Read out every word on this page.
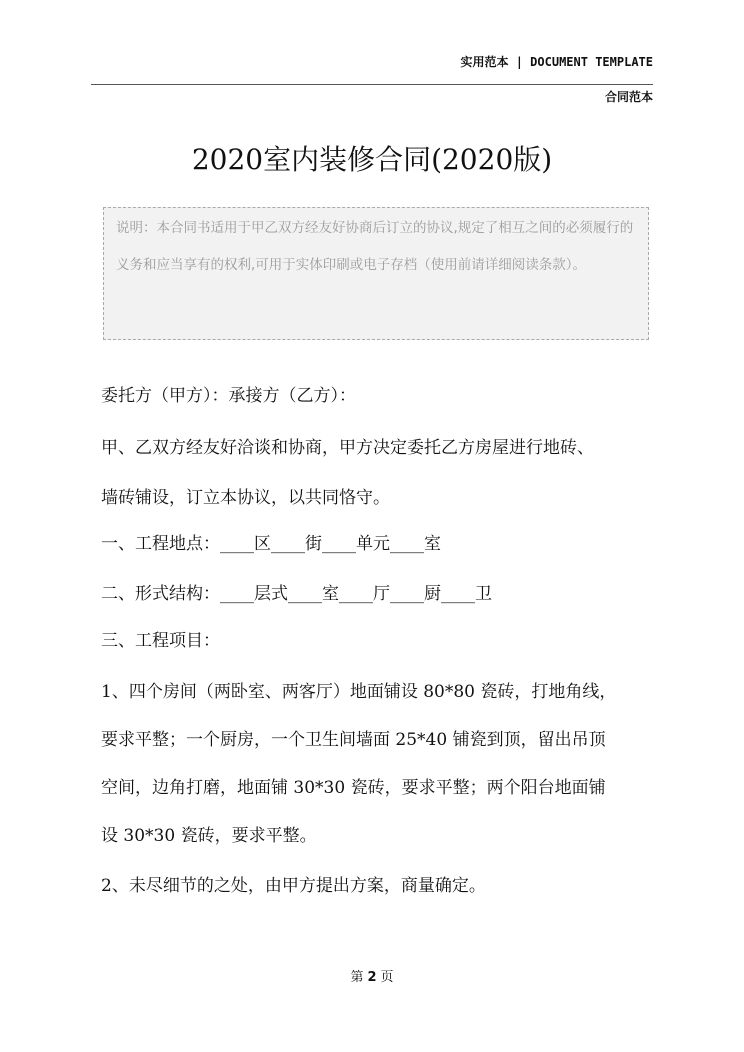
实用范本 | DOCUMENT TEMPLATE
合同范本
2020室内装修合同(2020版)

说明：本合同书适用于甲乙双方经友好协商后订立的协议,规定了相互之间的必须履行的义务和应当享有的权利,可用于实体印刷或电子存档（使用前请详细阅读条款）。

委托方（甲方）：承接方（乙方）：

甲、乙双方经友好洽谈和协商，甲方决定委托乙方房屋进行地砖、

墙砖铺设，订立本协议，以共同恪守。

一、工程地点：____区____街____单元____室

二、形式结构：____层式____室____厅____厨____卫

三、工程项目：

1、四个房间（两卧室、两客厅）地面铺设 80*80 瓷砖，打地角线，

要求平整；一个厨房，一个卫生间墙面 25*40 铺瓷到顶，留出吊顶

空间，边角打磨，地面铺 30*30 瓷砖，要求平整；两个阳台地面铺

设 30*30 瓷砖，要求平整。

2、未尽细节的之处，由甲方提出方案，商量确定。

第 2 页
